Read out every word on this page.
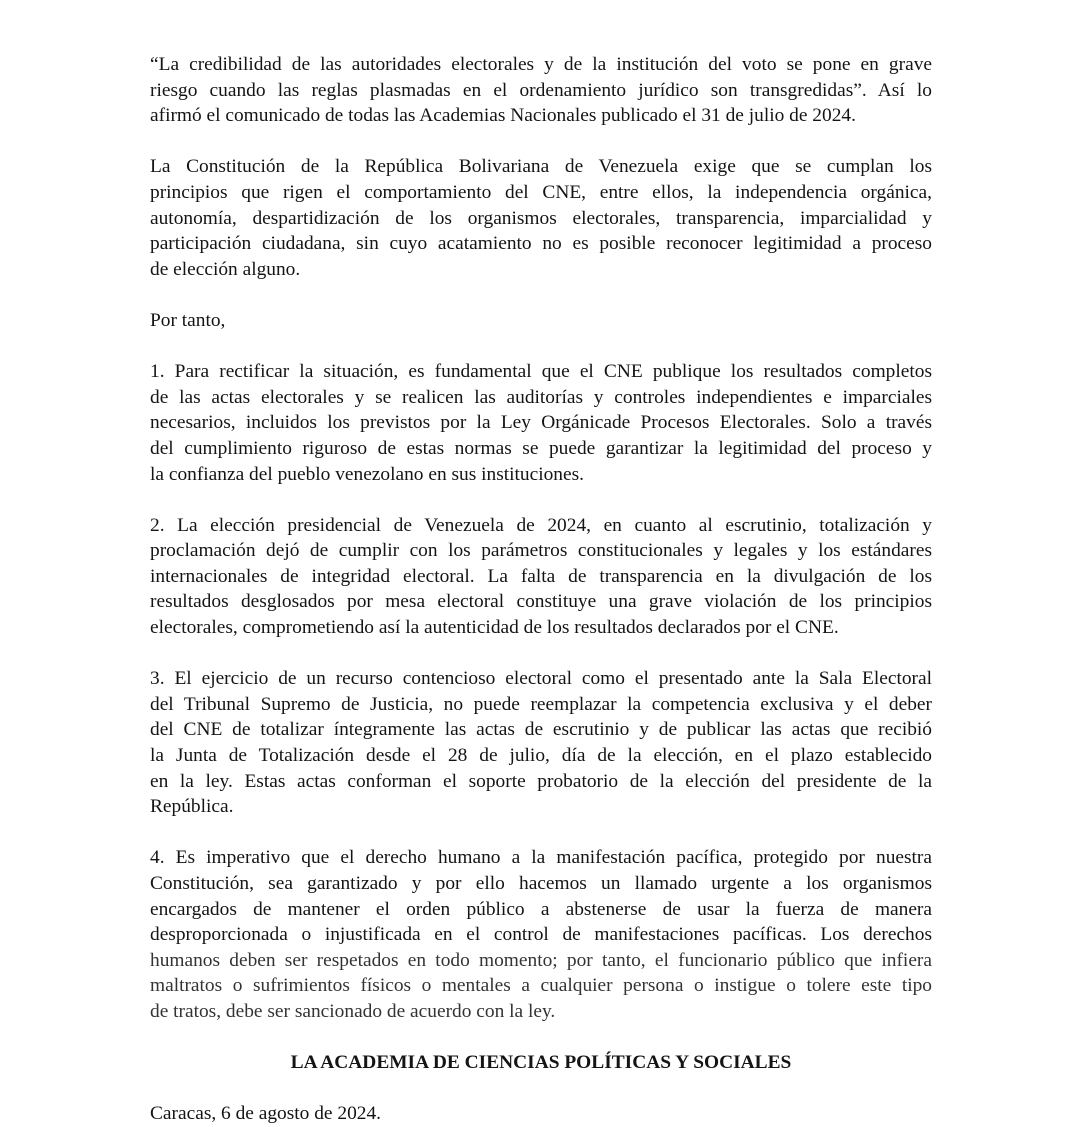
“La credibilidad de las autoridades electorales y de la institución del voto se pone en grave
riesgo cuando las reglas plasmadas en el ordenamiento jurídico son transgredidas”. Así lo
afirmó el comunicado de todas las Academias Nacionales publicado el 31 de julio de 2024.
La Constitución de la República Bolivariana de Venezuela exige que se cumplan los
principios que rigen el comportamiento del CNE, entre ellos, la independencia orgánica,
autonomía, despartidización de los organismos electorales, transparencia, imparcialidad y
participación ciudadana, sin cuyo acatamiento no es posible reconocer legitimidad a proceso
de elección alguno.
Por tanto,
1. Para rectificar la situación, es fundamental que el CNE publique los resultados completos
de las actas electorales y se realicen las auditorías y controles independientes e imparciales
necesarios, incluidos los previstos por la Ley Orgánicade Procesos Electorales. Solo a través
del cumplimiento riguroso de estas normas se puede garantizar la legitimidad del proceso y
la confianza del pueblo venezolano en sus instituciones.
2. La elección presidencial de Venezuela de 2024, en cuanto al escrutinio, totalización y
proclamación dejó de cumplir con los parámetros constitucionales y legales y los estándares
internacionales de integridad electoral. La falta de transparencia en la divulgación de los
resultados desglosados por mesa electoral constituye una grave violación de los principios
electorales, comprometiendo así la autenticidad de los resultados declarados por el CNE.
3. El ejercicio de un recurso contencioso electoral como el presentado ante la Sala Electoral
del Tribunal Supremo de Justicia, no puede reemplazar la competencia exclusiva y el deber
del CNE de totalizar íntegramente las actas de escrutinio y de publicar las actas que recibió
la Junta de Totalización desde el 28 de julio, día de la elección, en el plazo establecido
en la ley. Estas actas conforman el soporte probatorio de la elección del presidente de la
República.
4. Es imperativo que el derecho humano a la manifestación pacífica, protegido por nuestra
Constitución, sea garantizado y por ello hacemos un llamado urgente a los organismos
encargados de mantener el orden público a abstenerse de usar la fuerza de manera
desproporcionada o injustificada en el control de manifestaciones pacíficas. Los derechos
humanos deben ser respetados en todo momento; por tanto, el funcionario público que infiera
maltratos o sufrimientos físicos o mentales a cualquier persona o instigue o tolere este tipo
de tratos, debe ser sancionado de acuerdo con la ley.
LA ACADEMIA DE CIENCIAS POLÍTICAS Y SOCIALES
Caracas, 6 de agosto de 2024.
